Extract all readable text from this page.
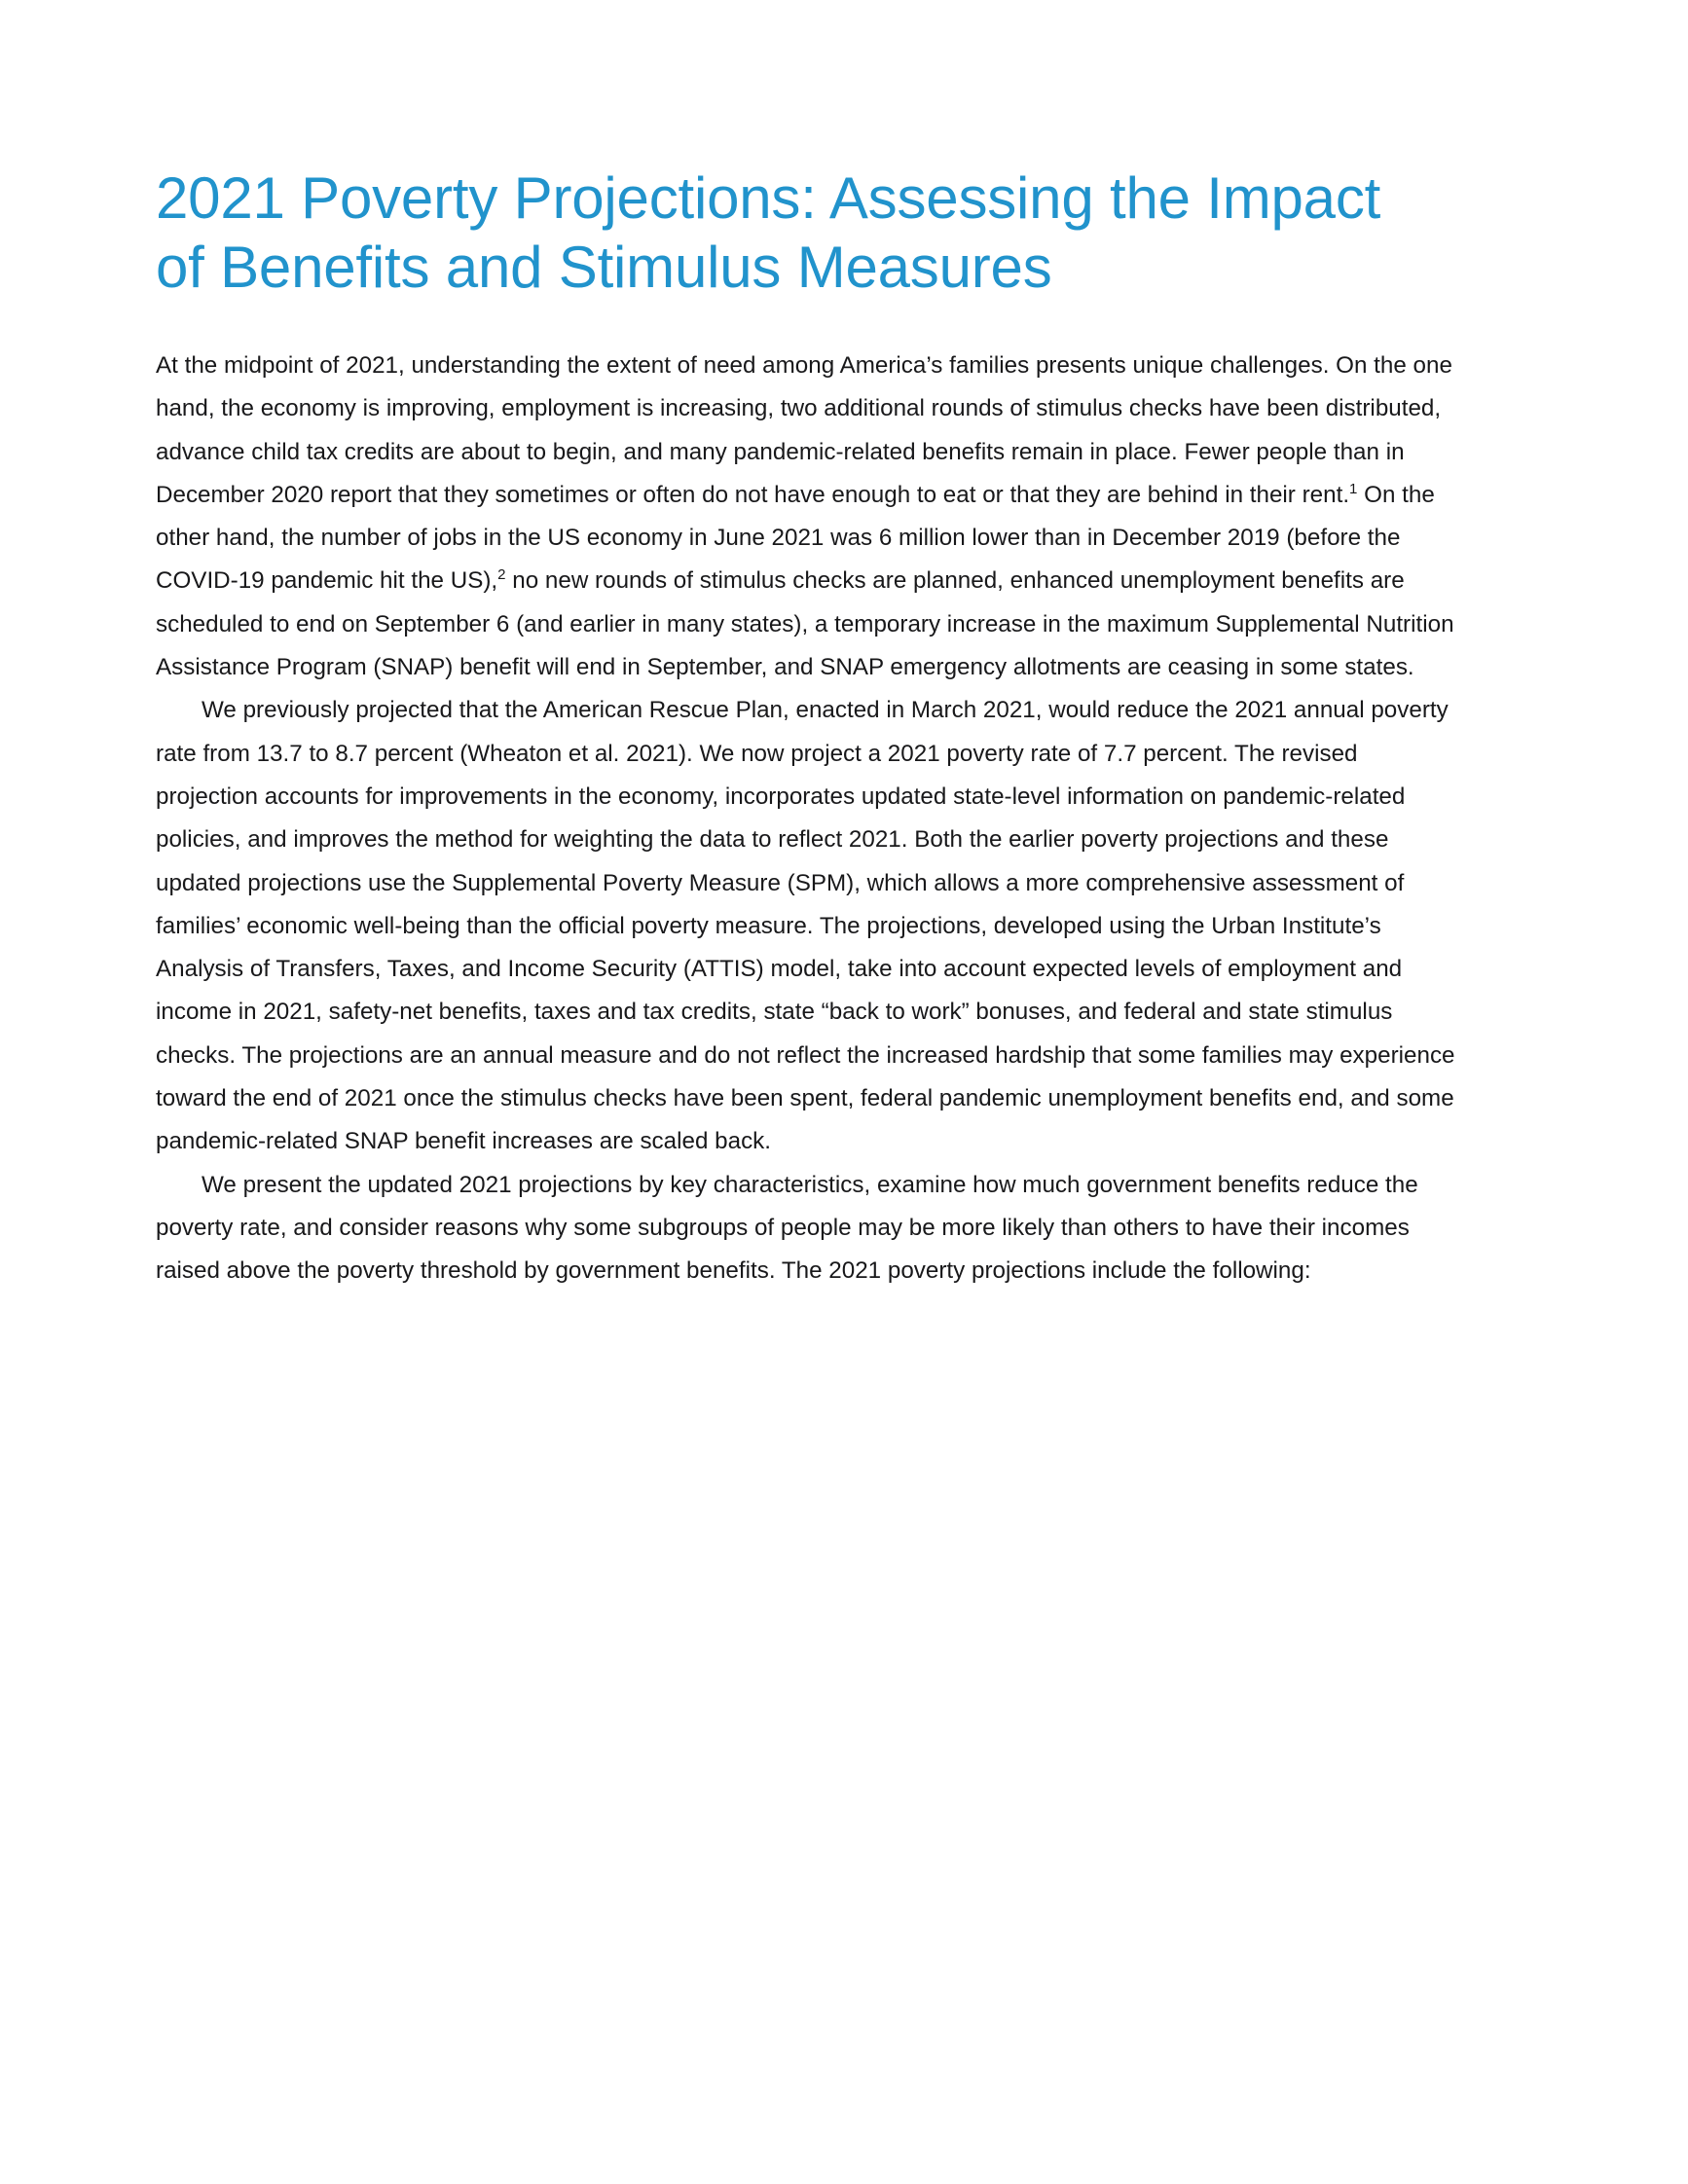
2021 Poverty Projections: Assessing the Impact of Benefits and Stimulus Measures

At the midpoint of 2021, understanding the extent of need among America’s families presents unique challenges. On the one hand, the economy is improving, employment is increasing, two additional rounds of stimulus checks have been distributed, advance child tax credits are about to begin, and many pandemic-related benefits remain in place. Fewer people than in December 2020 report that they sometimes or often do not have enough to eat or that they are behind in their rent.$^1$ On the other hand, the number of jobs in the US economy in June 2021 was 6 million lower than in December 2019 (before the COVID-19 pandemic hit the US),$^2$ no new rounds of stimulus checks are planned, enhanced unemployment benefits are scheduled to end on September 6 (and earlier in many states), a temporary increase in the maximum Supplemental Nutrition Assistance Program (SNAP) benefit will end in September, and SNAP emergency allotments are ceasing in some states.

We previously projected that the American Rescue Plan, enacted in March 2021, would reduce the 2021 annual poverty rate from 13.7 to 8.7 percent (Wheaton et al. 2021). We now project a 2021 poverty rate of 7.7 percent. The revised projection accounts for improvements in the economy, incorporates updated state-level information on pandemic-related policies, and improves the method for weighting the data to reflect 2021. Both the earlier poverty projections and these updated projections use the Supplemental Poverty Measure (SPM), which allows a more comprehensive assessment of families’ economic well-being than the official poverty measure. The projections, developed using the Urban Institute’s Analysis of Transfers, Taxes, and Income Security (ATTIS) model, take into account expected levels of employment and income in 2021, safety-net benefits, taxes and tax credits, state “back to work” bonuses, and federal and state stimulus checks. The projections are an annual measure and do not reflect the increased hardship that some families may experience toward the end of 2021 once the stimulus checks have been spent, federal pandemic unemployment benefits end, and some pandemic-related SNAP benefit increases are scaled back.

We present the updated 2021 projections by key characteristics, examine how much government benefits reduce the poverty rate, and consider reasons why some subgroups of people may be more likely than others to have their incomes raised above the poverty threshold by government benefits. The 2021 poverty projections include the following:
